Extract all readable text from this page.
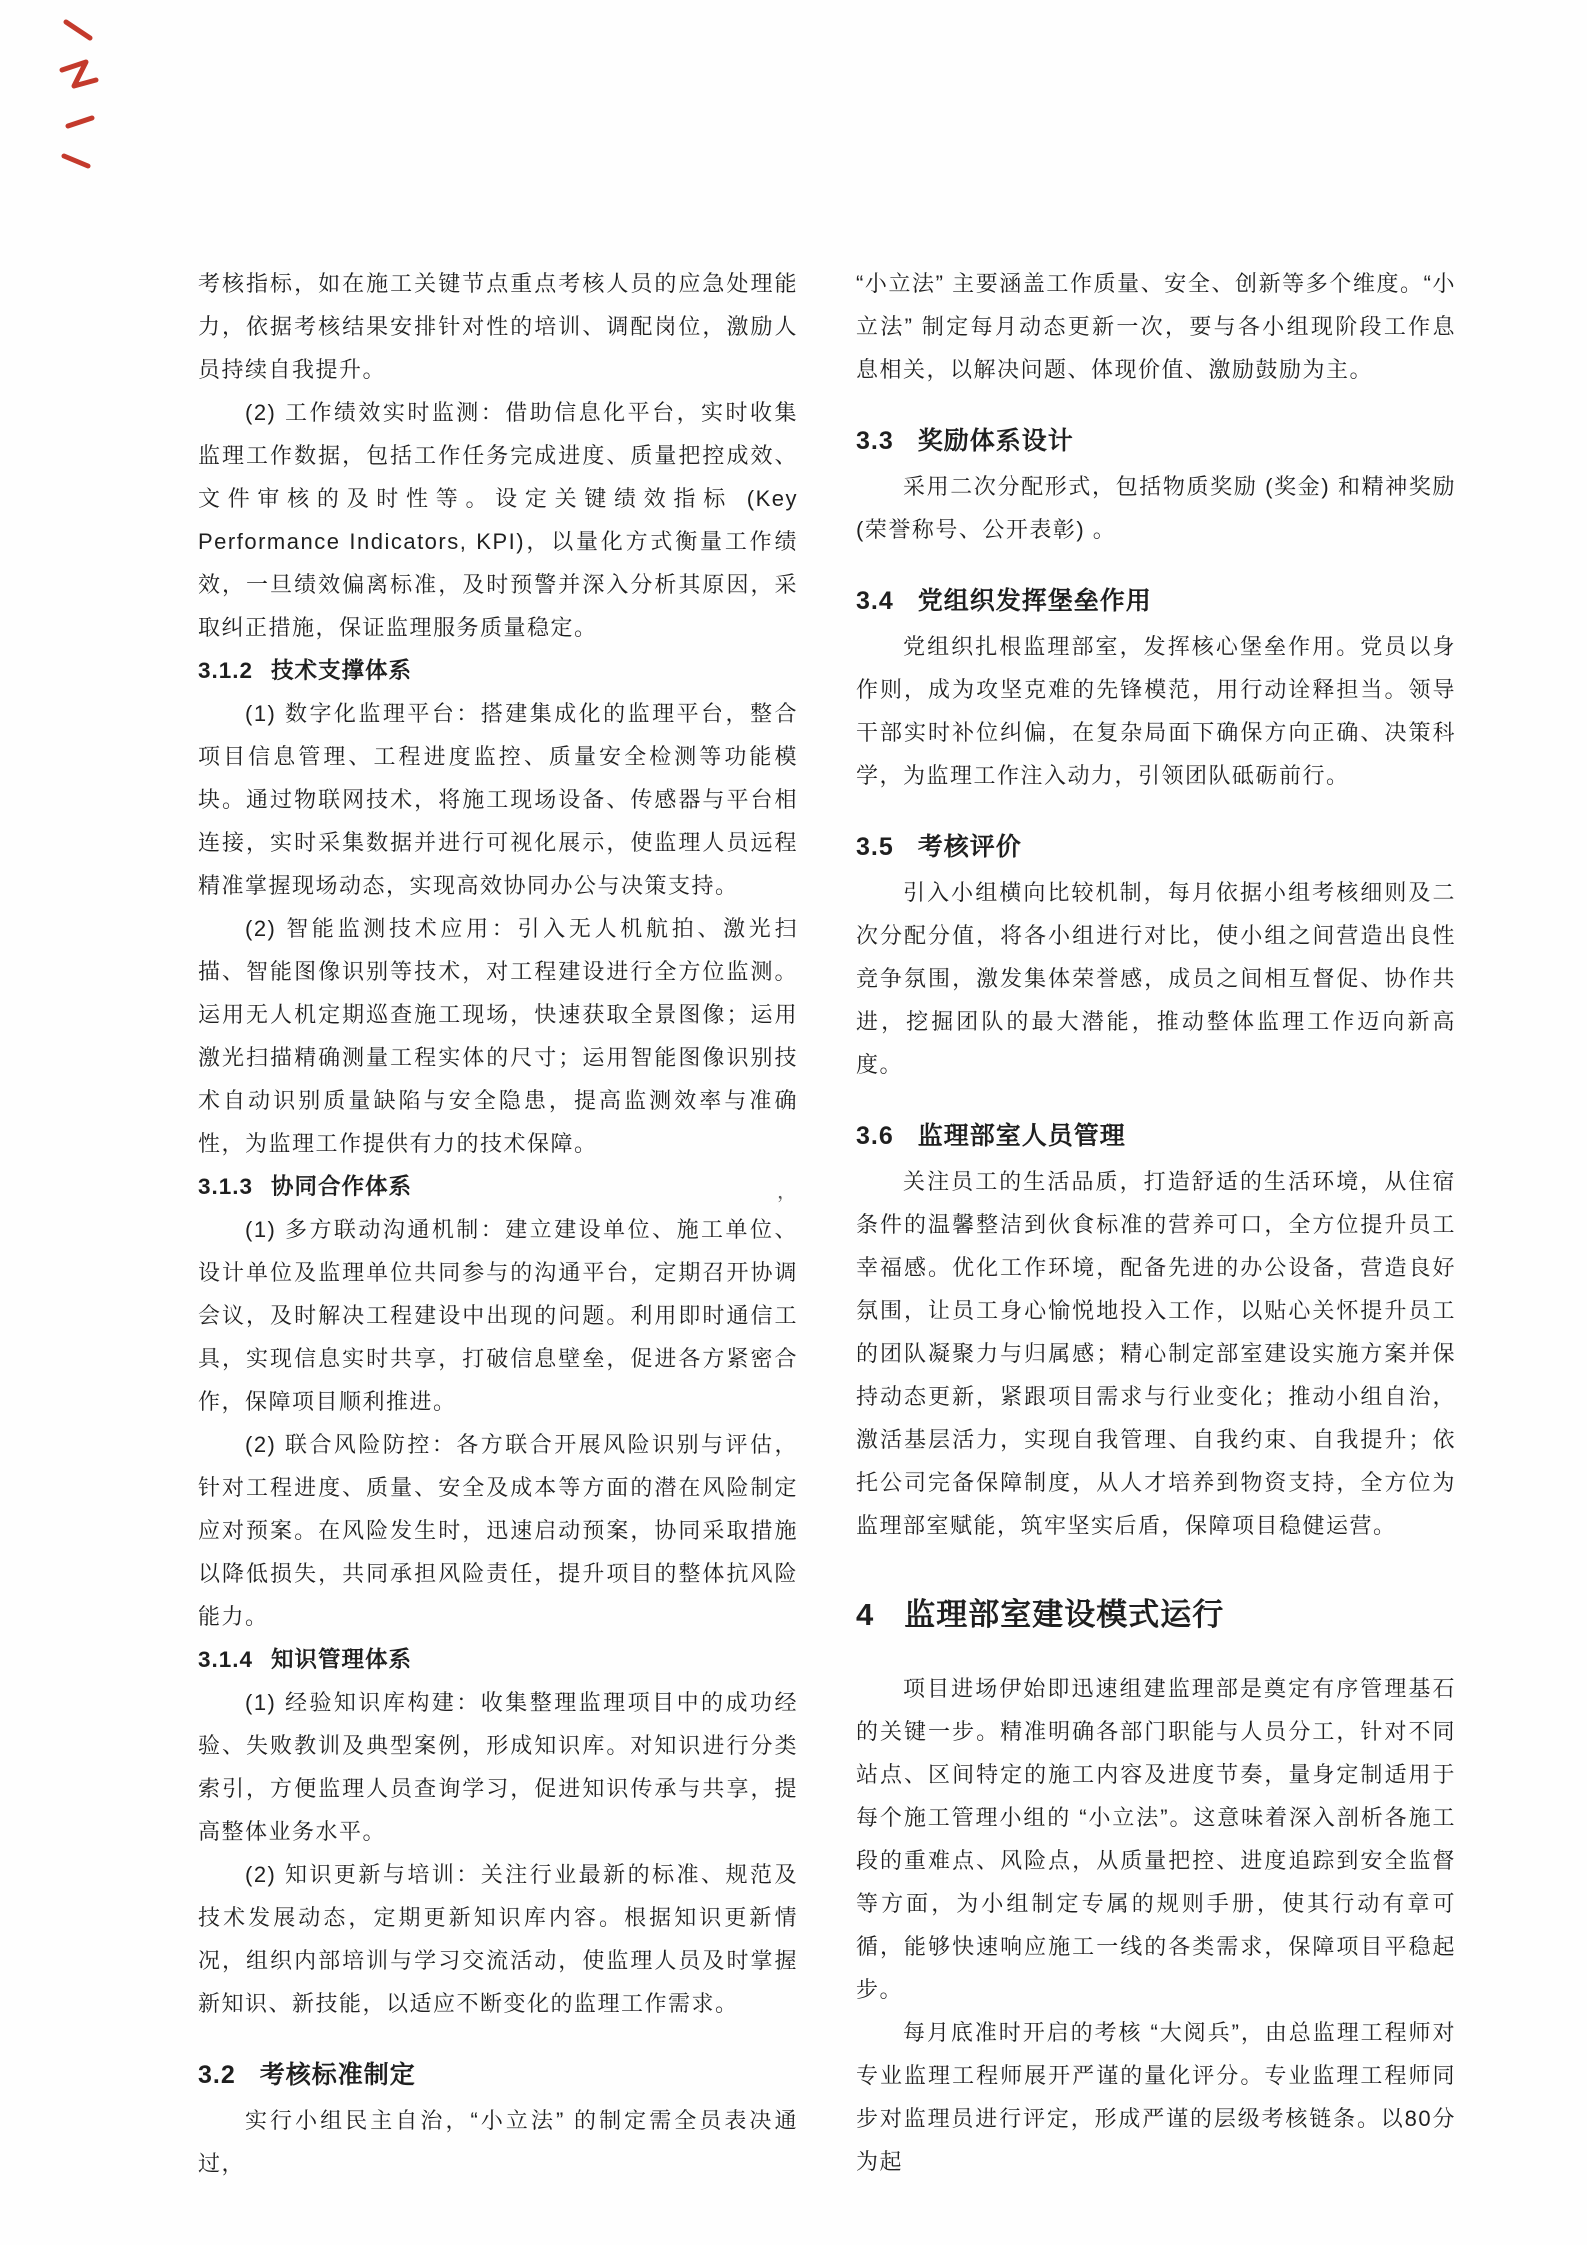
考核指标，如在施工关键节点重点考核人员的应急处理能力，依据考核结果安排针对性的培训、调配岗位，激励人员持续自我提升。
(2) 工作绩效实时监测：借助信息化平台，实时收集监理工作数据，包括工作任务完成进度、质量把控成效、文件审核的及时性等。设定关键绩效指标 (Key Performance Indicators, KPI)，以量化方式衡量工作绩效，一旦绩效偏离标准，及时预警并深入分析其原因，采取纠正措施，保证监理服务质量稳定。
3.1.2 技术支撑体系
(1) 数字化监理平台：搭建集成化的监理平台，整合项目信息管理、工程进度监控、质量安全检测等功能模块。通过物联网技术，将施工现场设备、传感器与平台相连接，实时采集数据并进行可视化展示，使监理人员远程精准掌握现场动态，实现高效协同办公与决策支持。
(2) 智能监测技术应用：引入无人机航拍、激光扫描、智能图像识别等技术，对工程建设进行全方位监测。运用无人机定期巡查施工现场，快速获取全景图像；运用激光扫描精确测量工程实体的尺寸；运用智能图像识别技术自动识别质量缺陷与安全隐患，提高监测效率与准确性，为监理工作提供有力的技术保障。
3.1.3 协同合作体系	，
(1) 多方联动沟通机制：建立建设单位、施工单位、设计单位及监理单位共同参与的沟通平台，定期召开协调会议，及时解决工程建设中出现的问题。利用即时通信工具，实现信息实时共享，打破信息壁垒，促进各方紧密合作，保障项目顺利推进。
(2) 联合风险防控：各方联合开展风险识别与评估，针对工程进度、质量、安全及成本等方面的潜在风险制定应对预案。在风险发生时，迅速启动预案，协同采取措施以降低损失，共同承担风险责任，提升项目的整体抗风险能力。
3.1.4 知识管理体系
(1) 经验知识库构建：收集整理监理项目中的成功经验、失败教训及典型案例，形成知识库。对知识进行分类索引，方便监理人员查询学习，促进知识传承与共享，提高整体业务水平。
(2) 知识更新与培训：关注行业最新的标准、规范及技术发展动态，定期更新知识库内容。根据知识更新情况，组织内部培训与学习交流活动，使监理人员及时掌握新知识、新技能，以适应不断变化的监理工作需求。
3.2 考核标准制定
实行小组民主自治，“小立法” 的制定需全员表决通过，
“小立法” 主要涵盖工作质量、安全、创新等多个维度。“小立法” 制定每月动态更新一次，要与各小组现阶段工作息息相关，以解决问题、体现价值、激励鼓励为主。
3.3 奖励体系设计
采用二次分配形式，包括物质奖励 (奖金) 和精神奖励 (荣誉称号、公开表彰) 。
3.4 党组织发挥堡垒作用
党组织扎根监理部室，发挥核心堡垒作用。党员以身作则，成为攻坚克难的先锋模范，用行动诠释担当。领导干部实时补位纠偏，在复杂局面下确保方向正确、决策科学，为监理工作注入动力，引领团队砥砺前行。
3.5 考核评价
引入小组横向比较机制，每月依据小组考核细则及二次分配分值，将各小组进行对比，使小组之间营造出良性竞争氛围，激发集体荣誉感，成员之间相互督促、协作共进，挖掘团队的最大潜能，推动整体监理工作迈向新高度。
3.6 监理部室人员管理
关注员工的生活品质，打造舒适的生活环境，从住宿条件的温馨整洁到伙食标准的营养可口，全方位提升员工幸福感。优化工作环境，配备先进的办公设备，营造良好氛围，让员工身心愉悦地投入工作，以贴心关怀提升员工的团队凝聚力与归属感；精心制定部室建设实施方案并保持动态更新，紧跟项目需求与行业变化；推动小组自治，激活基层活力，实现自我管理、自我约束、自我提升；依托公司完备保障制度，从人才培养到物资支持，全方位为监理部室赋能，筑牢坚实后盾，保障项目稳健运营。
4 监理部室建设模式运行
项目进场伊始即迅速组建监理部是奠定有序管理基石的关键一步。精准明确各部门职能与人员分工，针对不同站点、区间特定的施工内容及进度节奏，量身定制适用于每个施工管理小组的 “小立法”。这意味着深入剖析各施工段的重难点、风险点，从质量把控、进度追踪到安全监督等方面，为小组制定专属的规则手册，使其行动有章可循，能够快速响应施工一线的各类需求，保障项目平稳起步。
每月底准时开启的考核 “大阅兵”，由总监理工程师对专业监理工程师展开严谨的量化评分。专业监理工程师同步对监理员进行评定，形成严谨的层级考核链条。以80分为起
